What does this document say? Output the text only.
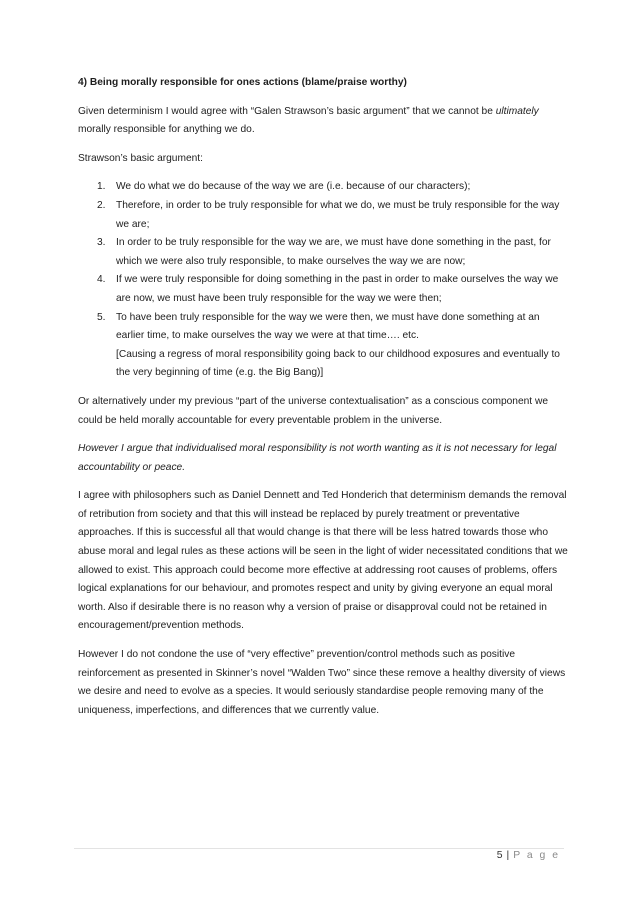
4) Being morally responsible for ones actions (blame/praise worthy)

Given determinism I would agree with “Galen Strawson’s basic argument” that we cannot be ultimately morally responsible for anything we do.

Strawson’s basic argument:

1. We do what we do because of the way we are (i.e. because of our characters);
2. Therefore, in order to be truly responsible for what we do, we must be truly responsible for the way we are;
3. In order to be truly responsible for the way we are, we must have done something in the past, for which we were also truly responsible, to make ourselves the way we are now;
4. If we were truly responsible for doing something in the past in order to make ourselves the way we are now, we must have been truly responsible for the way we were then;
5. To have been truly responsible for the way we were then, we must have done something at an earlier time, to make ourselves the way we were at that time…. etc.
[Causing a regress of moral responsibility going back to our childhood exposures and eventually to the very beginning of time (e.g. the Big Bang)]

Or alternatively under my previous “part of the universe contextualisation” as a conscious component we could be held morally accountable for every preventable problem in the universe.

However I argue that individualised moral responsibility is not worth wanting as it is not necessary for legal accountability or peace.

I agree with philosophers such as Daniel Dennett and Ted Honderich that determinism demands the removal of retribution from society and that this will instead be replaced by purely treatment or preventative approaches. If this is successful all that would change is that there will be less hatred towards those who abuse moral and legal rules as these actions will be seen in the light of wider necessitated conditions that we allowed to exist. This approach could become more effective at addressing root causes of problems, offers logical explanations for our behaviour, and promotes respect and unity by giving everyone an equal moral worth. Also if desirable there is no reason why a version of praise or disapproval could not be retained in encouragement/prevention methods.

However I do not condone the use of “very effective” prevention/control methods such as positive reinforcement as presented in Skinner’s novel “Walden Two” since these remove a healthy diversity of views we desire and need to evolve as a species. It would seriously standardise people removing many of the uniqueness, imperfections, and differences that we currently value.

5 | P a g e
